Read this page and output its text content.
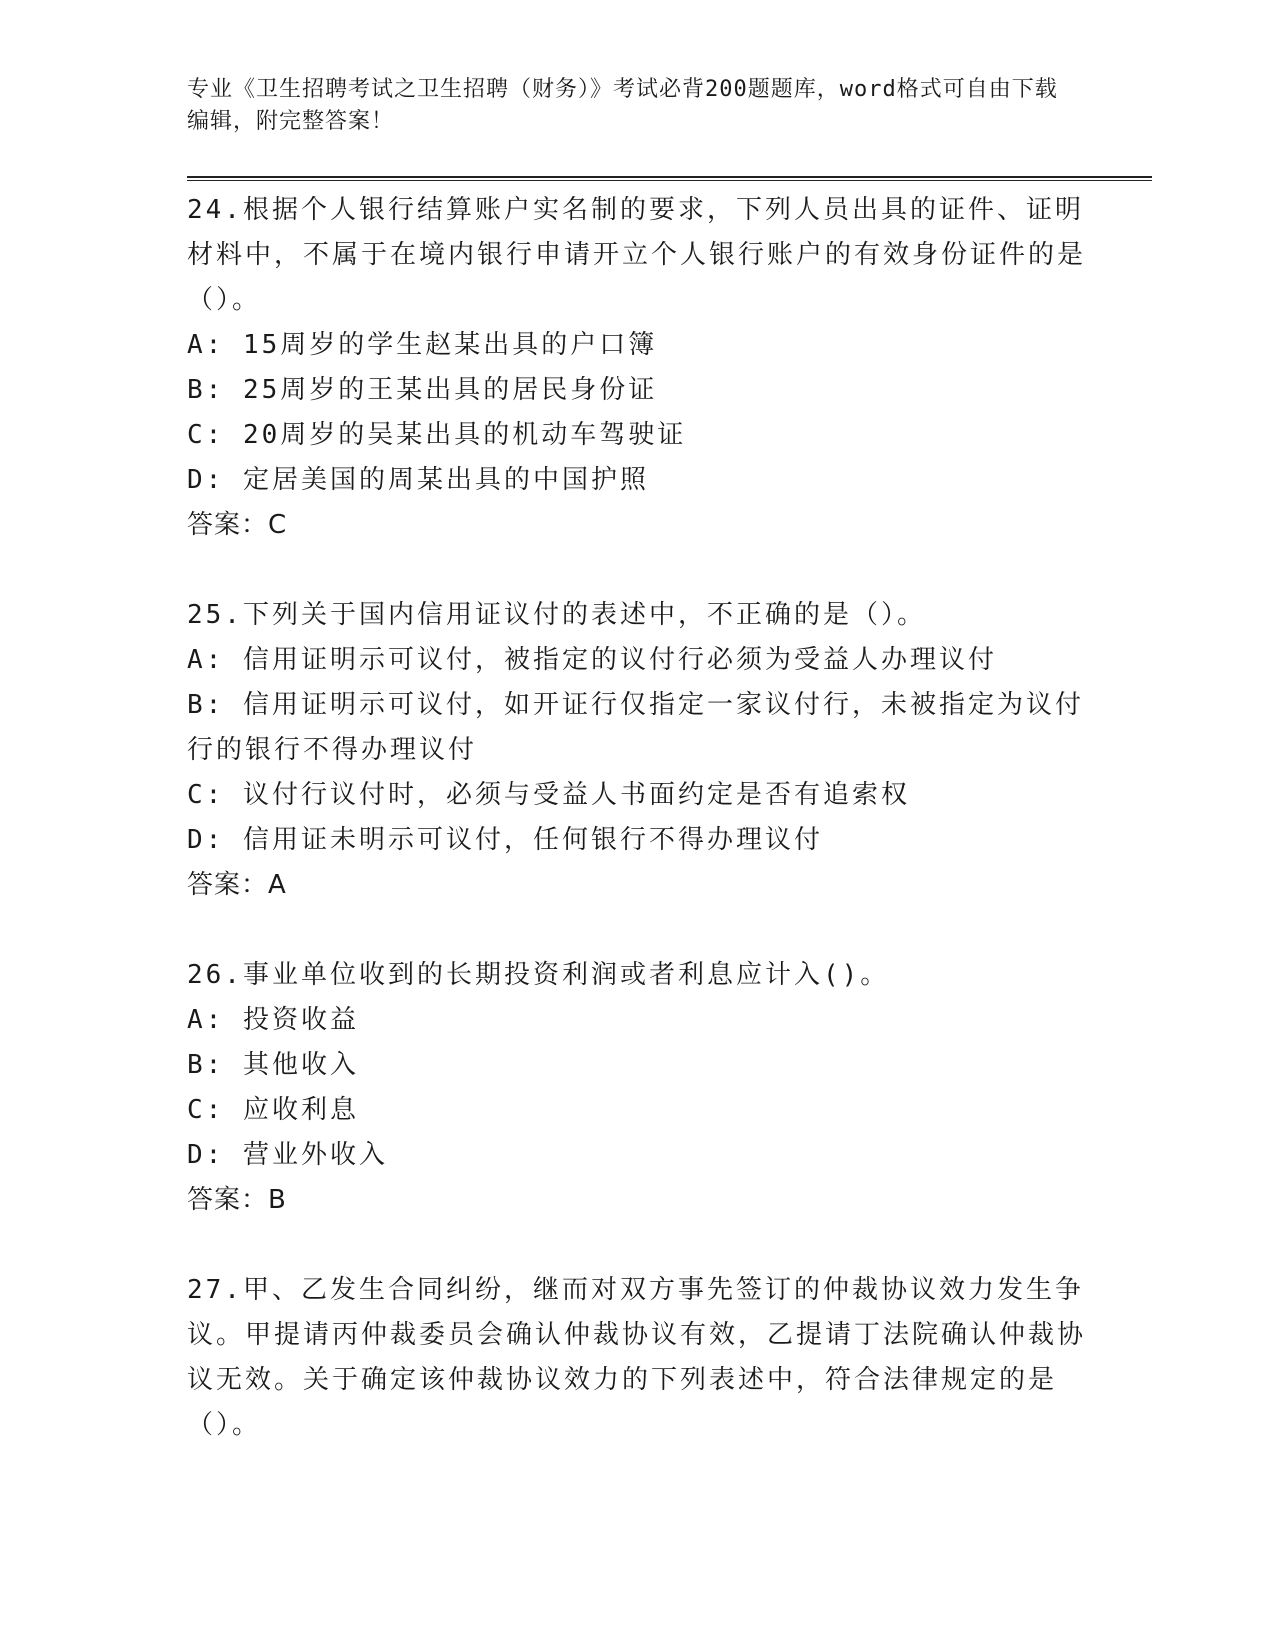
专业《卫生招聘考试之卫生招聘（财务）》考试必背200题题库，word格式可自由下载编辑，附完整答案！

24.根据个人银行结算账户实名制的要求，下列人员出具的证件、证明材料中，不属于在境内银行申请开立个人银行账户的有效身份证件的是（）。

A: 15周岁的学生赵某出具的户口簿

B: 25周岁的王某出具的居民身份证

C: 20周岁的吴某出具的机动车驾驶证

D: 定居美国的周某出具的中国护照

答案：C

25.下列关于国内信用证议付的表述中，不正确的是（）。

A: 信用证明示可议付，被指定的议付行必须为受益人办理议付

B: 信用证明示可议付，如开证行仅指定一家议付行，未被指定为议付行的银行不得办理议付

C: 议付行议付时，必须与受益人书面约定是否有追索权

D: 信用证未明示可议付，任何银行不得办理议付

答案：A

26.事业单位收到的长期投资利润或者利息应计入()。

A: 投资收益

B: 其他收入

C: 应收利息

D: 营业外收入

答案：B

27.甲、乙发生合同纠纷，继而对双方事先签订的仲裁协议效力发生争议。甲提请丙仲裁委员会确认仲裁协议有效，乙提请丁法院确认仲裁协议无效。关于确定该仲裁协议效力的下列表述中，符合法律规定的是（）。
